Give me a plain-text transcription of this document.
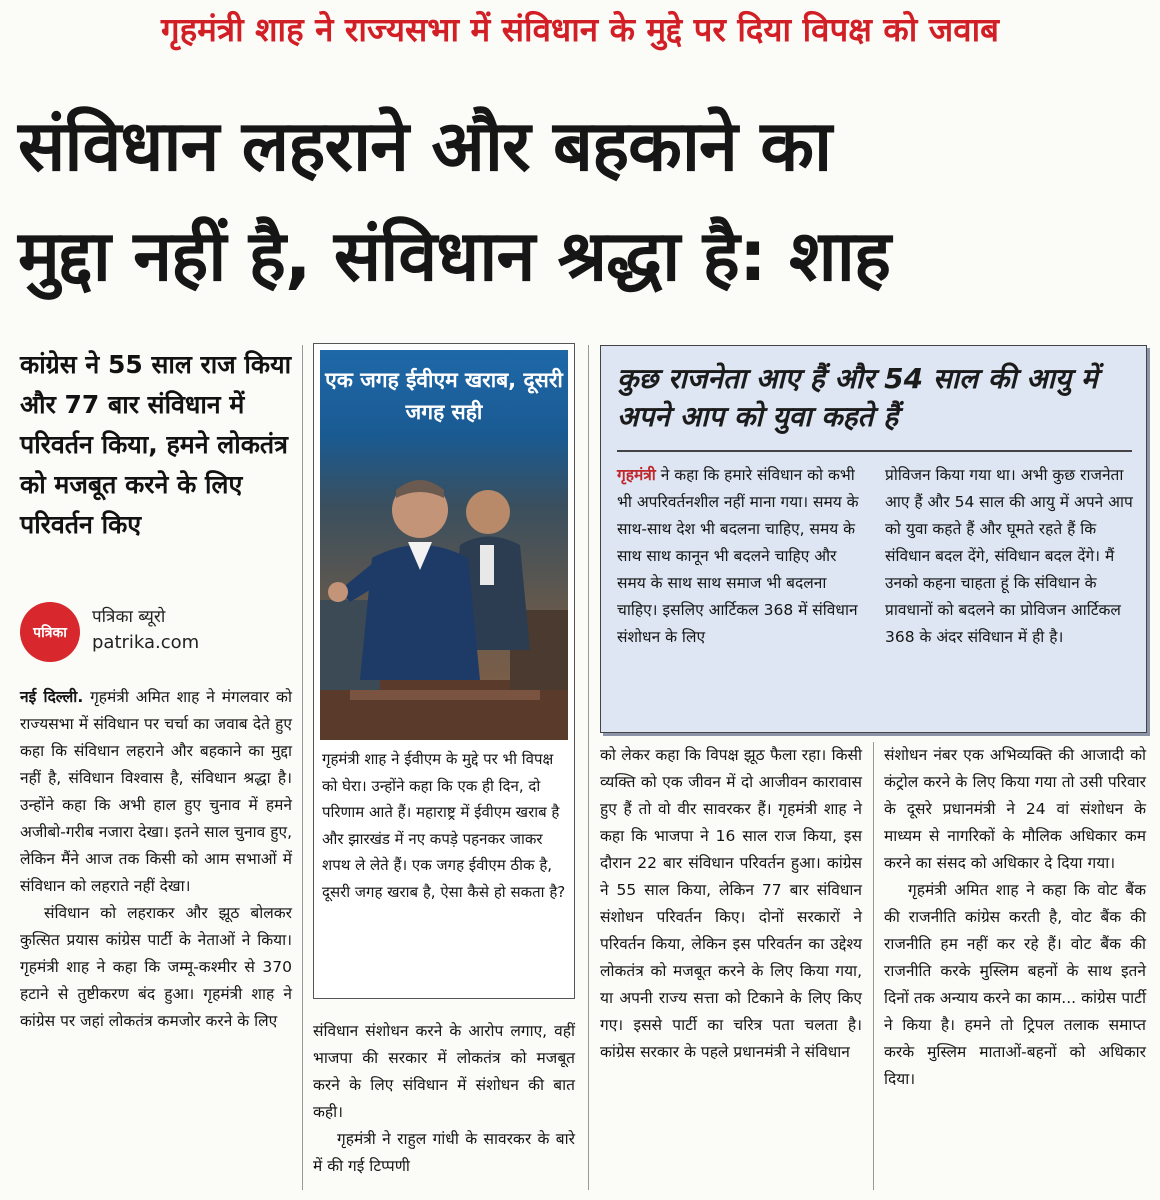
गृहमंत्री शाह ने राज्यसभा में संविधान के मुद्दे पर दिया विपक्ष को जवाब
संविधान लहराने और बहकाने का
मुद्दा नहीं है, संविधान श्रद्धा है: शाह
कांग्रेस ने 55 साल राज किया और 77 बार संविधान में परिवर्तन किया, हमने लोकतंत्र को मजबूत करने के लिए परिवर्तन किए
पत्रिका
पत्रिका ब्यूरो
patrika.com

नई दिल्ली. गृहमंत्री अमित शाह ने मंगलवार को राज्यसभा में संविधान पर चर्चा का जवाब देते हुए कहा कि संविधान लहराने और बहकाने का मुद्दा नहीं है, संविधान विश्वास है, संविधान श्रद्धा है। उन्होंने कहा कि अभी हाल हुए चुनाव में हमने अजीबो-गरीब नजारा देखा। इतने साल चुनाव हुए, लेकिन मैंने आज तक किसी को आम सभाओं में संविधान को लहराते नहीं देखा।

संविधान को लहराकर और झूठ बोलकर कुत्सित प्रयास कांग्रेस पार्टी के नेताओं ने किया। गृहमंत्री शाह ने कहा कि जम्मू-कश्मीर से 370 हटाने से तुष्टीकरण बंद हुआ। गृहमंत्री शाह ने कांग्रेस पर जहां लोकतंत्र कमजोर करने के लिए

एक जगह ईवीएम खराब, दूसरी जगह सही
गृहमंत्री शाह ने ईवीएम के मुद्दे पर भी विपक्ष को घेरा। उन्होंने कहा कि एक ही दिन, दो परिणाम आते हैं। महाराष्ट्र में ईवीएम खराब है और झारखंड में नए कपड़े पहनकर जाकर शपथ ले लेते हैं। एक जगह ईवीएम ठीक है, दूसरी जगह खराब है, ऐसा कैसे हो सकता है?

संविधान संशोधन करने के आरोप लगाए, वहीं भाजपा की सरकार में लोकतंत्र को मजबूत करने के लिए संविधान में संशोधन की बात कही।

गृहमंत्री ने राहुल गांधी के सावरकर के बारे में की गई टिप्पणी

कुछ राजनेता आए हैं और 54 साल की आयु में अपने आप को युवा कहते हैं
गृहमंत्री ने कहा कि हमारे संविधान को कभी भी अपरिवर्तनशील नहीं माना गया। समय के साथ-साथ देश भी बदलना चाहिए, समय के साथ साथ कानून भी बदलने चाहिए और समय के साथ साथ समाज भी बदलना चाहिए। इसलिए आर्टिकल 368 में संविधान संशोधन के लिए
प्रोविजन किया गया था। अभी कुछ राजनेता आए हैं और 54 साल की आयु में अपने आप को युवा कहते हैं और घूमते रहते हैं कि संविधान बदल देंगे, संविधान बदल देंगे। मैं उनको कहना चाहता हूं कि संविधान के प्रावधानों को बदलने का प्रोविजन आर्टिकल 368 के अंदर संविधान में ही है।
को लेकर कहा कि विपक्ष झूठ फैला रहा। किसी व्यक्ति को एक जीवन में दो आजीवन कारावास हुए हैं तो वो वीर सावरकर हैं। गृहमंत्री शाह ने कहा कि भाजपा ने 16 साल राज किया, इस दौरान 22 बार संविधान परिवर्तन हुआ। कांग्रेस ने 55 साल किया, लेकिन 77 बार संविधान संशोधन परिवर्तन किए। दोनों सरकारों ने परिवर्तन किया, लेकिन इस परिवर्तन का उद्देश्य लोकतंत्र को मजबूत करने के लिए किया गया, या अपनी राज्य सत्ता को टिकाने के लिए किए गए। इससे पार्टी का चरित्र पता चलता है। कांग्रेस सरकार के पहले प्रधानमंत्री ने संविधान

संशोधन नंबर एक अभिव्यक्ति की आजादी को कंट्रोल करने के लिए किया गया तो उसी परिवार के दूसरे प्रधानमंत्री ने 24 वां संशोधन के माध्यम से नागरिकों के मौलिक अधिकार कम करने का संसद को अधिकार दे दिया गया।

गृहमंत्री अमित शाह ने कहा कि वोट बैंक की राजनीति कांग्रेस करती है, वोट बैंक की राजनीति हम नहीं कर रहे हैं। वोट बैंक की राजनीति करके मुस्लिम बहनों के साथ इतने दिनों तक अन्याय करने का काम... कांग्रेस पार्टी ने किया है। हमने तो ट्रिपल तलाक समाप्त करके मुस्लिम माताओं-बहनों को अधिकार दिया।
